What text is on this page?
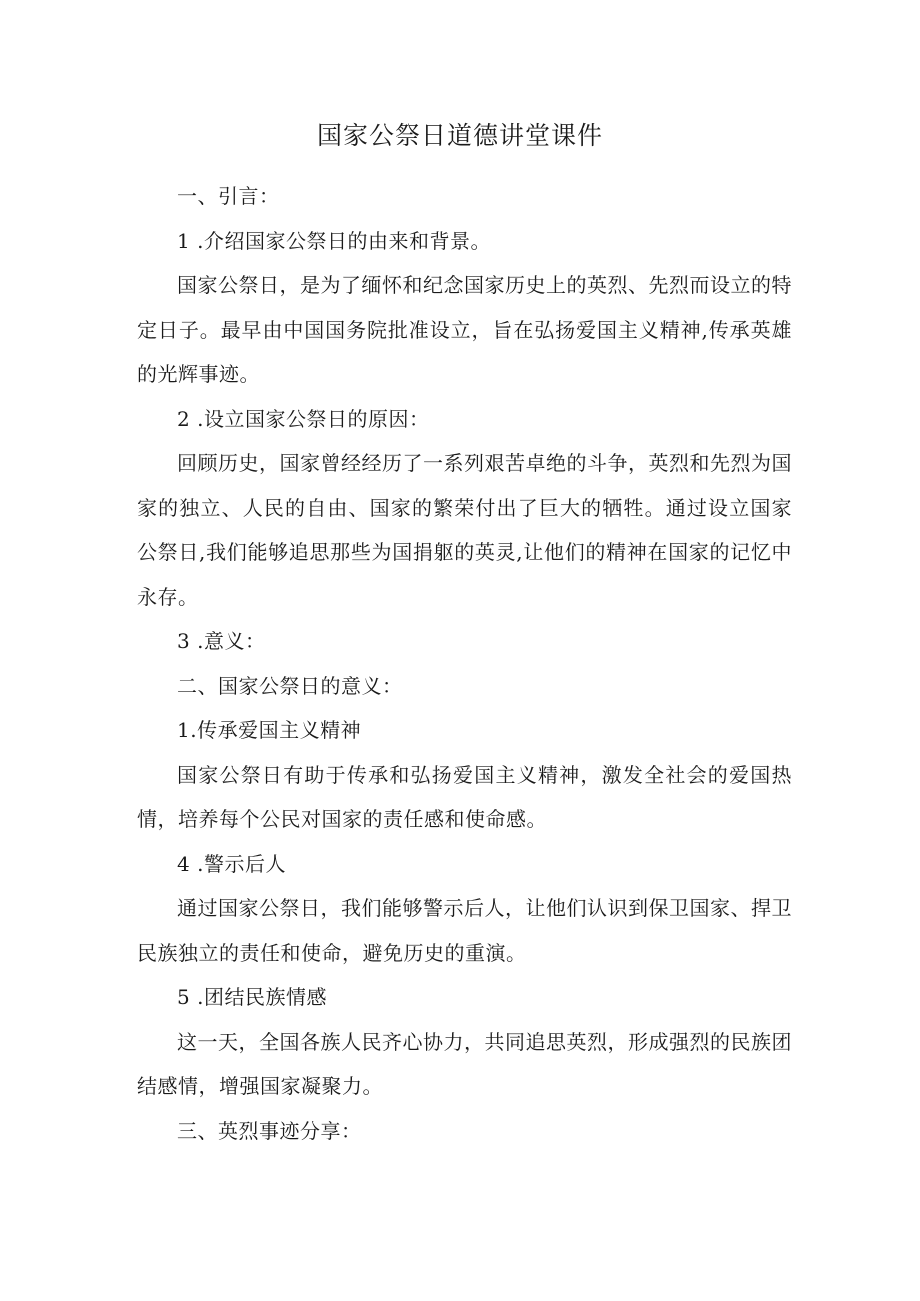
国家公祭日道德讲堂课件

一、引言：

1 .介绍国家公祭日的由来和背景。

国家公祭日，是为了缅怀和纪念国家历史上的英烈、先烈而设立的特定日子。最早由中国国务院批准设立，旨在弘扬爱国主义精神,传承英雄的光辉事迹。

2 .设立国家公祭日的原因：

回顾历史，国家曾经经历了一系列艰苦卓绝的斗争，英烈和先烈为国家的独立、人民的自由、国家的繁荣付出了巨大的牺牲。通过设立国家公祭日,我们能够追思那些为国捐躯的英灵,让他们的精神在国家的记忆中永存。

3 .意义：

二、国家公祭日的意义：

1.传承爱国主义精神

国家公祭日有助于传承和弘扬爱国主义精神，激发全社会的爱国热情，培养每个公民对国家的责任感和使命感。

4 .警示后人

通过国家公祭日，我们能够警示后人，让他们认识到保卫国家、捍卫民族独立的责任和使命，避免历史的重演。

5 .团结民族情感

这一天，全国各族人民齐心协力，共同追思英烈，形成强烈的民族团结感情，增强国家凝聚力。

三、英烈事迹分享：
